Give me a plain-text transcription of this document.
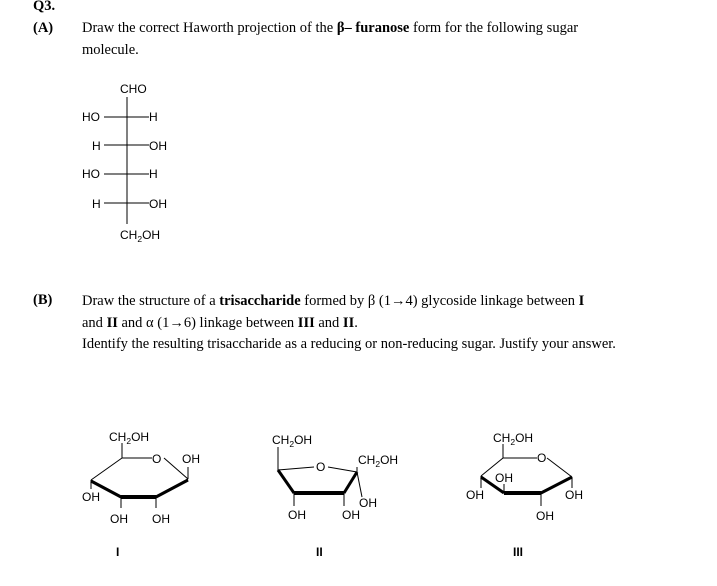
Q3.
(A) Draw the correct Haworth projection of the β– furanose form for the following sugar
molecule.
(B) Draw the structure of a trisaccharide formed by β (1→4) glycoside linkage between I
and II and α (1→6) linkage between III and II.
Identify the resulting trisaccharide as a reducing or non-reducing sugar. Justify your answer.
CHO
HO	H
H	OH
HO	H
H	OH
$CH_2OH$
$CH_2OH$
O OH
OH
OH OH
I
$CH_2OH$
O	$CH_2OH$
OH
OH	OH
II
$CH_2OH$
O
OH
OH	OH
OH
III
